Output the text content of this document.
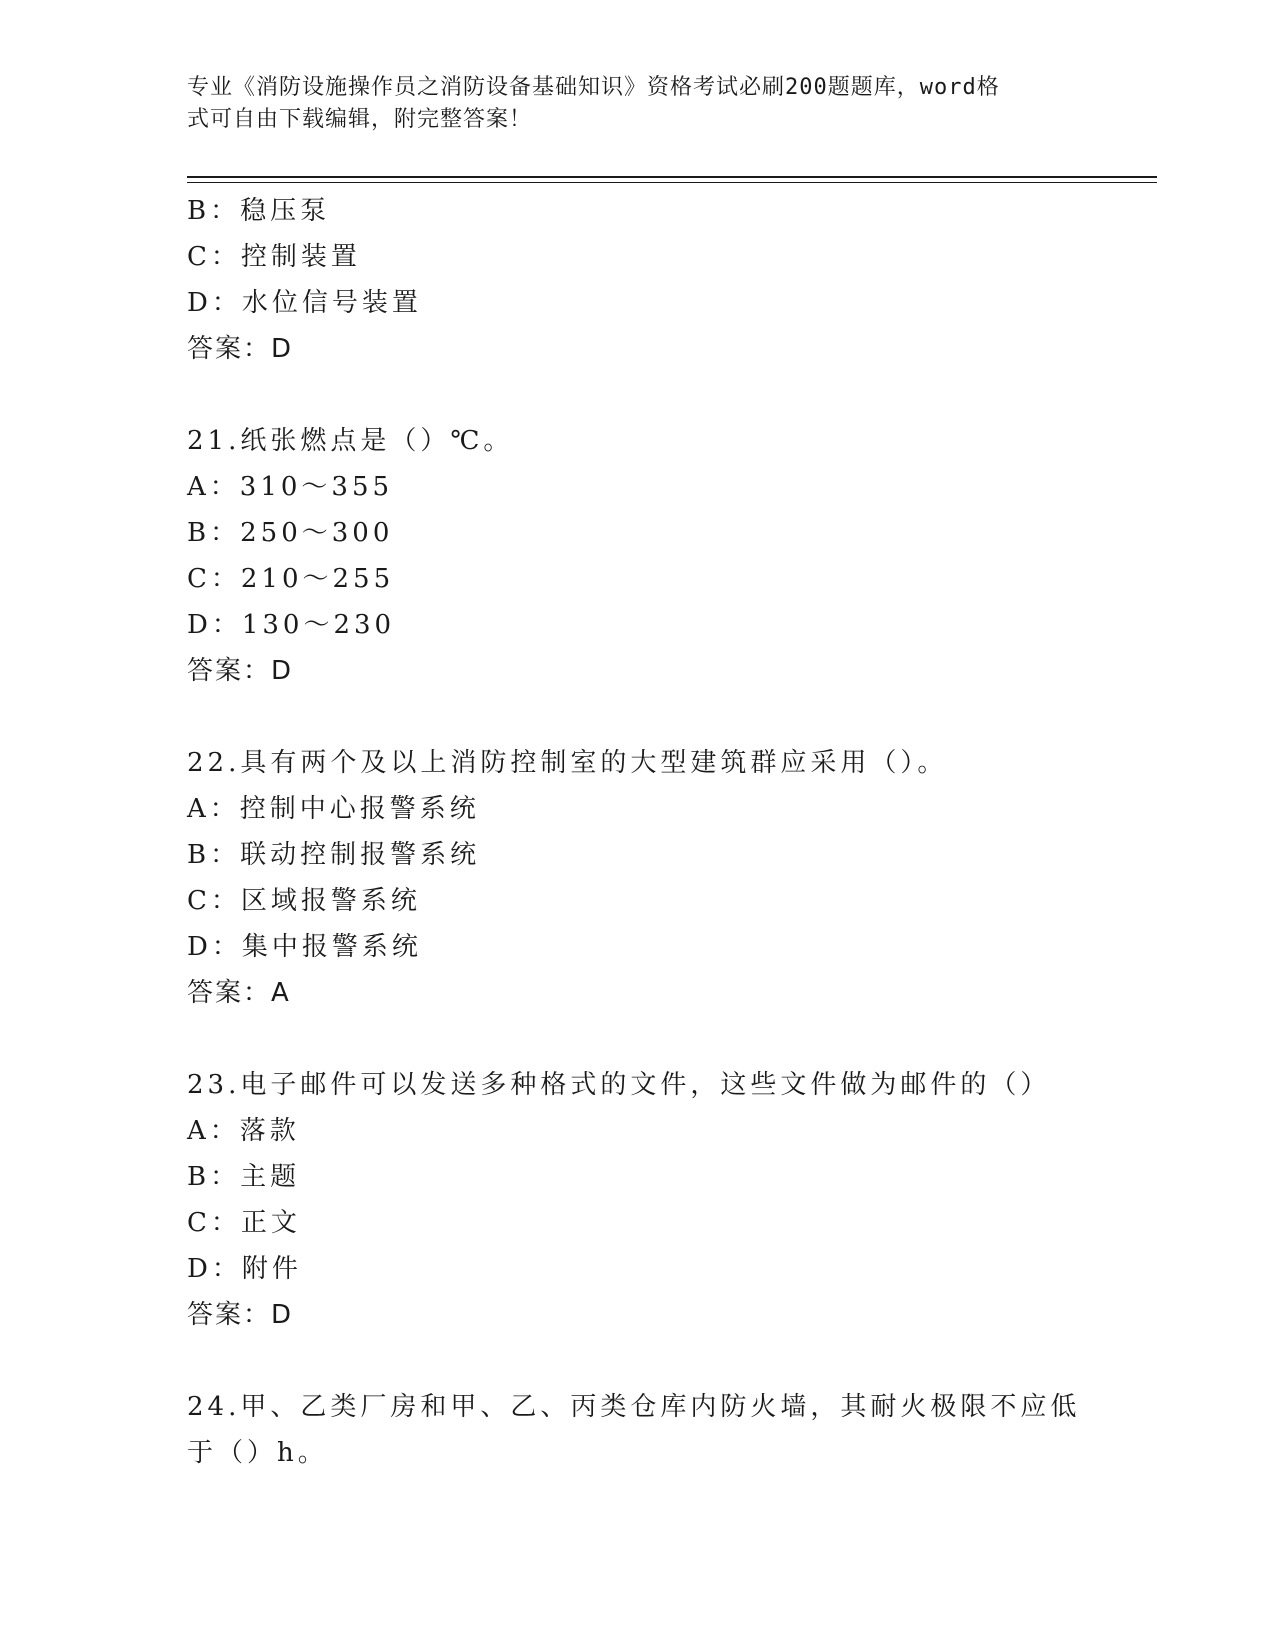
专业《消防设施操作员之消防设备基础知识》资格考试必刷200题题库，word格
式可自由下载编辑，附完整答案！
B：稳压泵
C：控制装置
D：水位信号装置
答案：D
21.纸张燃点是（）℃。
A：310～355
B：250～300
C：210～255
D：130～230
答案：D
22.具有两个及以上消防控制室的大型建筑群应采用（）。
A：控制中心报警系统
B：联动控制报警系统
C：区域报警系统
D：集中报警系统
答案：A
23.电子邮件可以发送多种格式的文件，这些文件做为邮件的（）
A：落款
B：主题
C：正文
D：附件
答案：D
24.甲、乙类厂房和甲、乙、丙类仓库内防火墙，其耐火极限不应低于（）h。
